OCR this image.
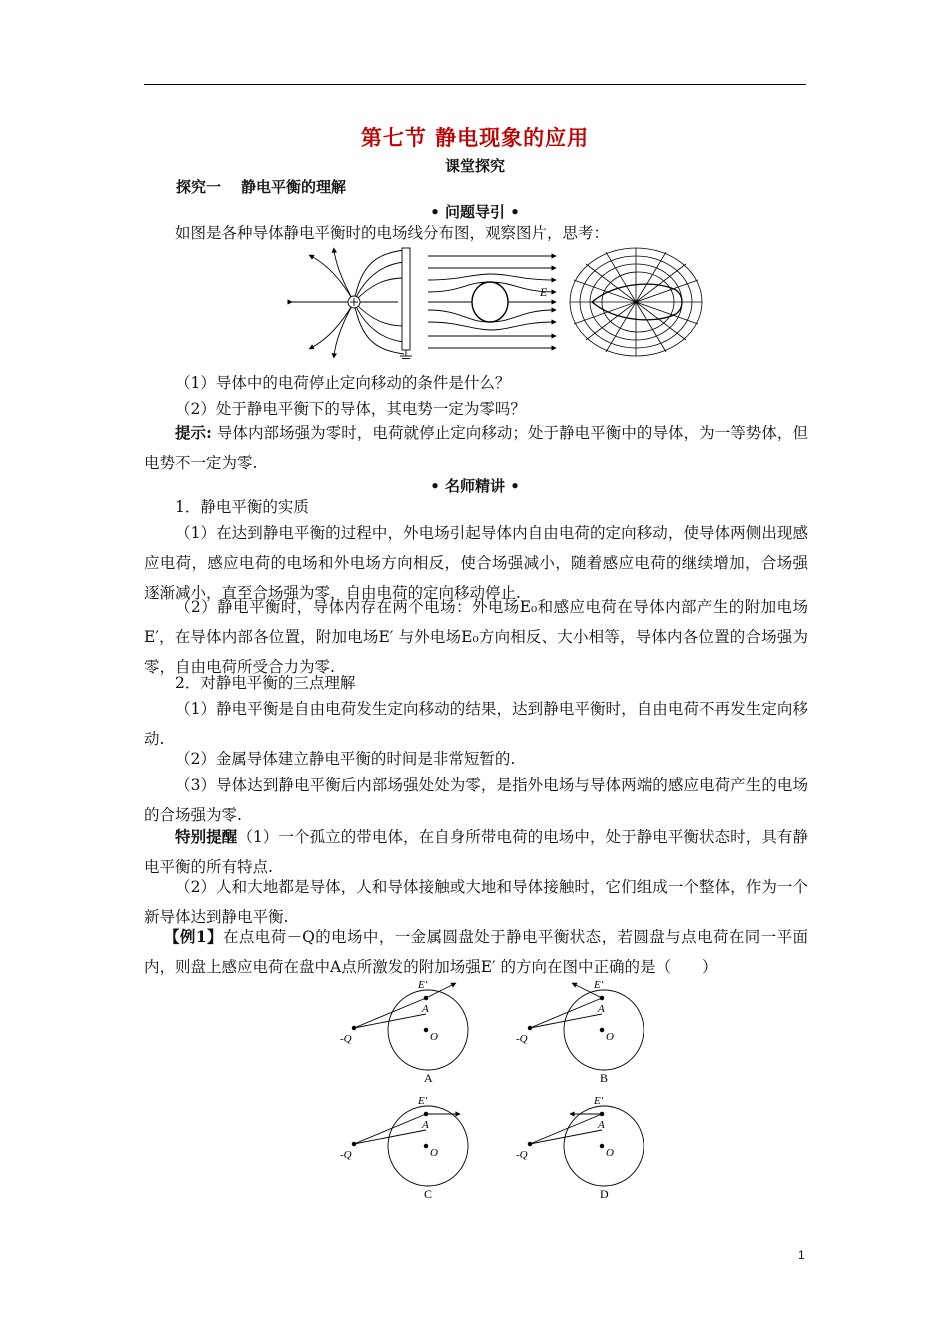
第七节 静电现象的应用
课堂探究
探究一 静电平衡的理解
• 问题导引 •
如图是各种导体静电平衡时的电场线分布图，观察图片，思考：
E
（1）导体中的电荷停止定向移动的条件是什么？
（2）处于静电平衡下的导体，其电势一定为零吗？
提示: 导体内部场强为零时，电荷就停止定向移动；处于静电平衡中的导体，为一等势体，但电势不一定为零.
• 名师精讲 •
1．静电平衡的实质
（1）在达到静电平衡的过程中，外电场引起导体内自由电荷的定向移动，使导体两侧出现感应电荷，感应电荷的电场和外电场方向相反，使合场强减小，随着感应电荷的继续增加，合场强逐渐减小，直至合场强为零，自由电荷的定向移动停止.
（2）静电平衡时，导体内存在两个电场：外电场E₀和感应电荷在导体内部产生的附加电场E′，在导体内部各位置，附加电场E′ 与外电场E₀方向相反、大小相等，导体内各位置的合场强为零，自由电荷所受合力为零.
2．对静电平衡的三点理解
（1）静电平衡是自由电荷发生定向移动的结果，达到静电平衡时，自由电荷不再发生定向移动.
（2）金属导体建立静电平衡的时间是非常短暂的.
（3）导体达到静电平衡后内部场强处处为零，是指外电场与导体两端的感应电荷产生的电场的合场强为零.
特别提醒（1）一个孤立的带电体，在自身所带电荷的电场中，处于静电平衡状态时，具有静电平衡的所有特点.
（2）人和大地都是导体，人和导体接触或大地和导体接触时，它们组成一个整体，作为一个新导体达到静电平衡.
【例1】在点电荷－Q的电场中，一金属圆盘处于静电平衡状态，若圆盘与点电荷在同一平面内，则盘上感应电荷在盘中A点所激发的附加场强E′ 的方向在图中正确的是（　　）
E′
A
O
-Q
A
E′
A
O
-Q
B
E′
A
O
-Q
C
E′
A
O
-Q
D
1
